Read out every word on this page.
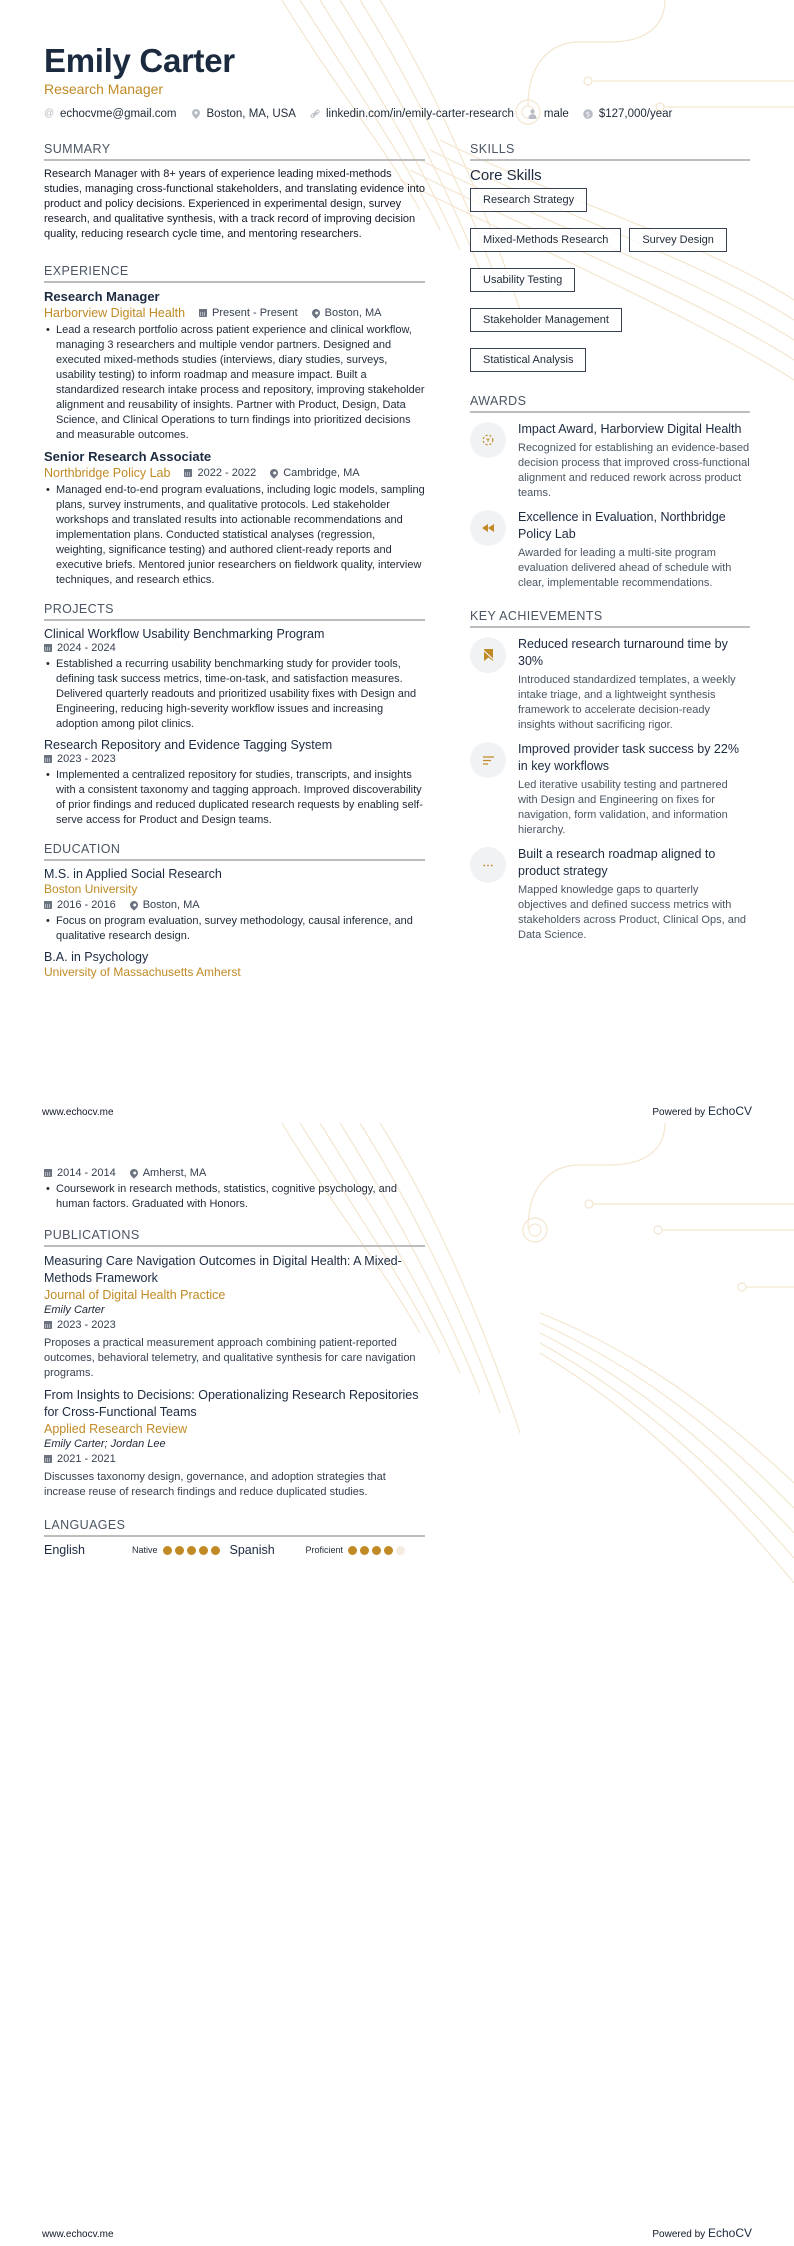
Emily Carter
Research Manager
@ echocvme@gmail.com	Boston, MA, USA	linkedin.com/in/emily-carter-research	male $ $127,000/year
SUMMARY

Research Manager with 8+ years of experience leading mixed-methods studies, managing cross-functional stakeholders, and translating evidence into product and policy decisions. Experienced in experimental design, survey research, and qualitative synthesis, with a track record of improving decision quality, reducing research cycle time, and mentoring researchers.

EXPERIENCE
Research Manager
Harborview Digital Health Present - Present Boston, MA
• Lead a research portfolio across patient experience and clinical workflow, managing 3 researchers and multiple vendor partners. Designed and executed mixed-methods studies (interviews, diary studies, surveys, usability testing) to inform roadmap and measure impact. Built a standardized research intake process and repository, improving stakeholder alignment and reusability of insights. Partner with Product, Design, Data Science, and Clinical Operations to turn findings into prioritized decisions and measurable outcomes.
Senior Research Associate
Northbridge Policy Lab 2022 - 2022 Cambridge, MA
• Managed end-to-end program evaluations, including logic models, sampling plans, survey instruments, and qualitative protocols. Led stakeholder workshops and translated results into actionable recommendations and implementation plans. Conducted statistical analyses (regression, weighting, significance testing) and authored client-ready reports and executive briefs. Mentored junior researchers on fieldwork quality, interview techniques, and research ethics.
PROJECTS
Clinical Workflow Usability Benchmarking Program
2024 - 2024
• Established a recurring usability benchmarking study for provider tools, defining task success metrics, time-on-task, and satisfaction measures. Delivered quarterly readouts and prioritized usability fixes with Design and Engineering, reducing high-severity workflow issues and increasing adoption among pilot clinics.
Research Repository and Evidence Tagging System
2023 - 2023
• Implemented a centralized repository for studies, transcripts, and insights with a consistent taxonomy and tagging approach. Improved discoverability of prior findings and reduced duplicated research requests by enabling self-serve access for Product and Design teams.
EDUCATION
M.S. in Applied Social Research
Boston University
2016 - 2016 Boston, MA
• Focus on program evaluation, survey methodology, causal inference, and qualitative research design.
B.A. in Psychology
University of Massachusetts Amherst
SKILLS
Core Skills
Research Strategy
Mixed-Methods Research	Survey Design
Usability Testing
Stakeholder Management
Statistical Analysis
AWARDS
Impact Award, Harborview Digital Health
Recognized for establishing an evidence-based decision process that improved cross-functional alignment and reduced rework across product teams.
Excellence in Evaluation, Northbridge Policy Lab
Awarded for leading a multi-site program evaluation delivered ahead of schedule with clear, implementable recommendations.
KEY ACHIEVEMENTS
Reduced research turnaround time by 30%
Introduced standardized templates, a weekly intake triage, and a lightweight synthesis framework to accelerate decision-ready insights without sacrificing rigor.
Improved provider task success by 22% in key workflows
Led iterative usability testing and partnered with Design and Engineering on fixes for navigation, form validation, and information hierarchy.
Built a research roadmap aligned to product strategy
Mapped knowledge gaps to quarterly objectives and defined success metrics with stakeholders across Product, Clinical Ops, and Data Science.
www.echocv.me	Powered by EchoCV
2014 - 2014 Amherst, MA
• Coursework in research methods, statistics, cognitive psychology, and human factors. Graduated with Honors.
PUBLICATIONS
Measuring Care Navigation Outcomes in Digital Health: A Mixed-Methods Framework
Journal of Digital Health Practice
Emily Carter
2023 - 2023
Proposes a practical measurement approach combining patient-reported outcomes, behavioral telemetry, and qualitative synthesis for care navigation programs.
From Insights to Decisions: Operationalizing Research Repositories for Cross-Functional Teams
Applied Research Review
Emily Carter; Jordan Lee
2021 - 2021
Discusses taxonomy design, governance, and adoption strategies that increase reuse of research findings and reduce duplicated studies.
LANGUAGES
English	Native	Spanish	Proficient
www.echocv.me	Powered by EchoCV
